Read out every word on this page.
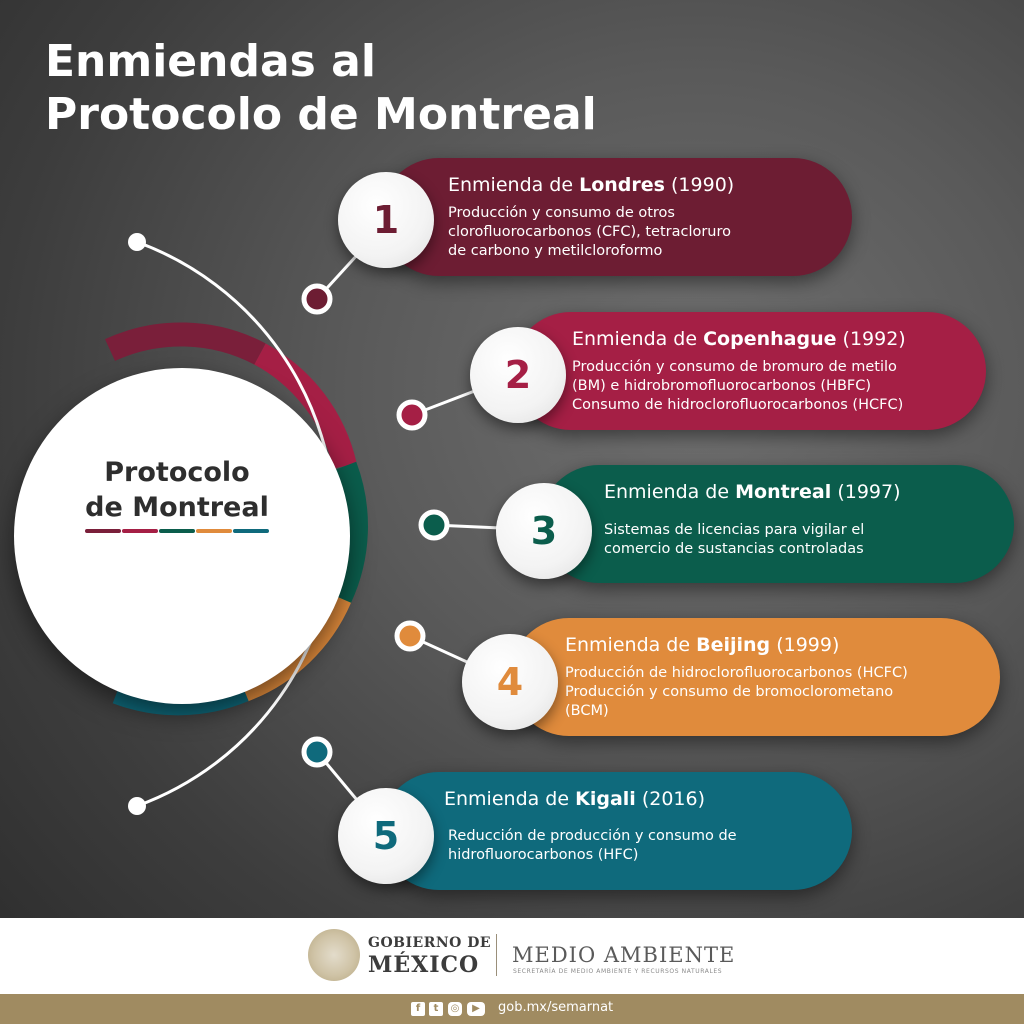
Enmiendas al
Protocolo de Montreal
Protocolo
de Montreal
Enmienda de Londres (1990)
Producción y consumo de otros
clorofluorocarbonos (CFC), tetracloruro
de carbono y metilcloroformo
1
Enmienda de Copenhague (1992)
Producción y consumo de bromuro de metilo
(BM) e hidrobromofluorocarbonos (HBFC)
Consumo de hidroclorofluorocarbonos (HCFC)
2
Enmienda de Montreal (1997)
Sistemas de licencias para vigilar el
comercio de sustancias controladas
3
Enmienda de Beijing (1999)
Producción de hidroclorofluorocarbonos (HCFC)
Producción y consumo de bromoclorometano
(BCM)
4
Enmienda de Kigali (2016)
Reducción de producción y consumo de
hidrofluorocarbonos (HFC)
5
GOBIERNO DE
MÉXICO MEDIO AMBIENTE
SECRETARÍA DE MEDIO AMBIENTE Y RECURSOS NATURALES
f	t	◎	▶	gob.mx/semarnat
